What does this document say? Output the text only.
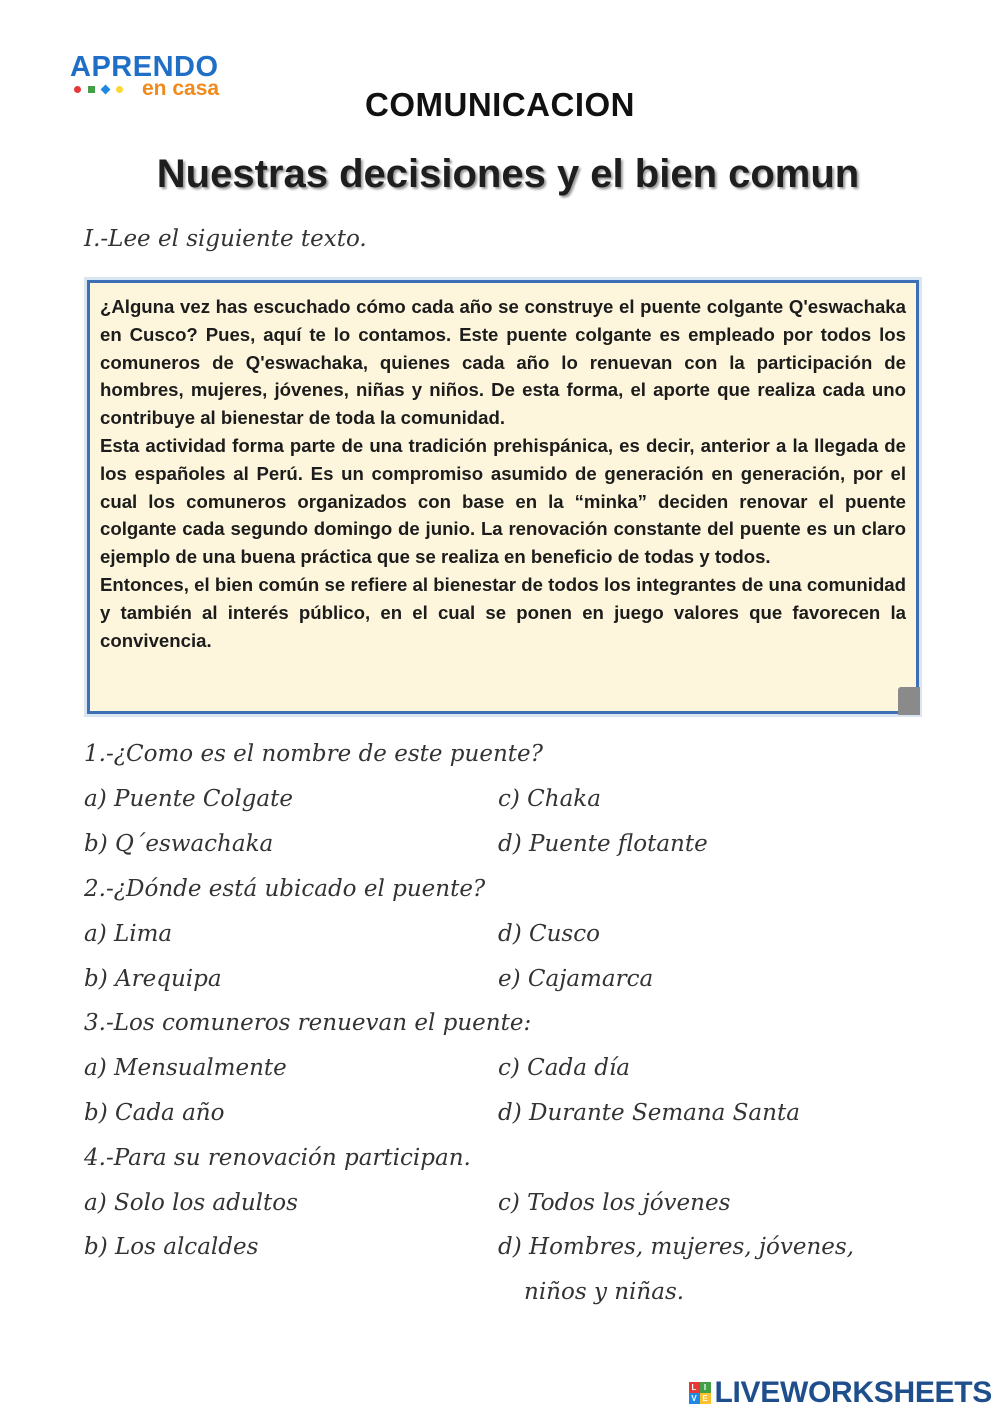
APRENDO
en casa	COMUNICACION
Nuestras decisiones y el bien comun
I.-Lee el siguiente texto.

¿Alguna vez has escuchado cómo cada año se construye el puente colgante Q'eswachaka en Cusco? Pues, aquí te lo contamos. Este puente colgante es empleado por todos los comuneros de Q'eswachaka, quienes cada año lo renuevan con la participación de hombres, mujeres, jóvenes, niñas y niños. De esta forma, el aporte que realiza cada uno contribuye al bienestar de toda la comunidad.

Esta actividad forma parte de una tradición prehispánica, es decir, anterior a la llegada de los españoles al Perú. Es un compromiso asumido de generación en generación, por el cual los comuneros organizados con base en la “minka” deciden renovar el puente colgante cada segundo domingo de junio. La renovación constante del puente es un claro ejemplo de una buena práctica que se realiza en beneficio de todas y todos.

Entonces, el bien común se refiere al bienestar de todos los integrantes de una comunidad y también al interés público, en el cual se ponen en juego valores que favorecen la convivencia.

1.-¿Como es el nombre de este puente?
a) Puente Colgate	c) Chaka
b) Q´eswachaka	d) Puente flotante
2.-¿Dónde está ubicado el puente?
a) Lima	d) Cusco
b) Arequipa	e) Cajamarca
3.-Los comuneros renuevan el puente:
a) Mensualmente	c) Cada día
b) Cada año	d) Durante Semana Santa
4.-Para su renovación participan.
a) Solo los adultos	c) Todos los jóvenes
b) Los alcaldes	d) Hombres, mujeres, jóvenes,
niños y niñas.
L I
V E LIVEWORKSHEETS
